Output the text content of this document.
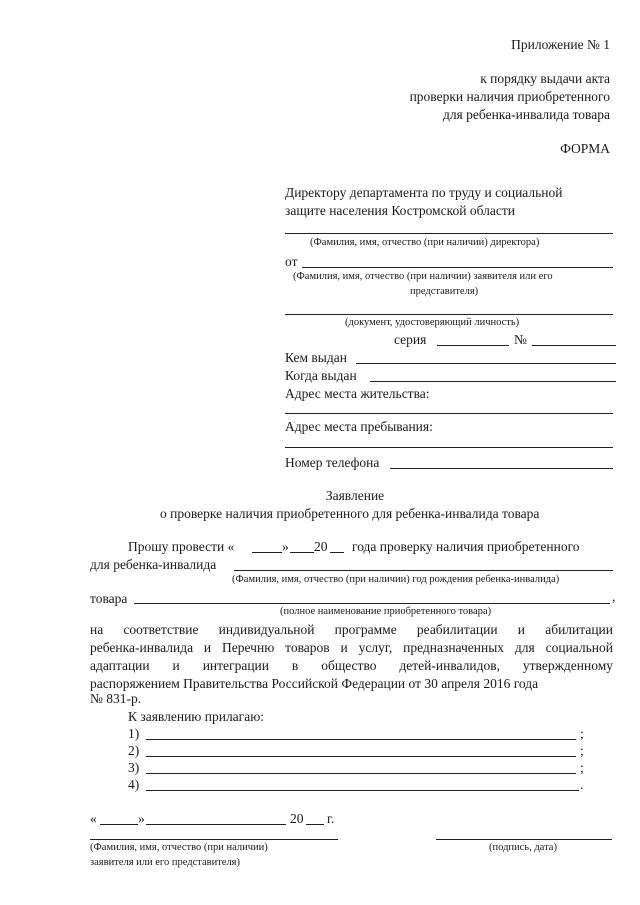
Приложение № 1
к порядку выдачи акта
проверки наличия приобретенного
для ребенка-инвалида товара
ФОРМА
Директору департамента по труду и социальной
защите населения Костромской области
(Фамилия, имя, отчество (при наличии) директора)
от
(Фамилия, имя, отчество (при наличии) заявителя или его
представителя)
(документ, удостоверяющий личность)
серия	№
Кем выдан
Когда выдан
Адрес места жительства:
Адрес места пребывания:
Номер телефона
Заявление
о проверке наличия приобретенного для ребенка-инвалида товара
Прошу провести «	» 20 года проверку наличия приобретенного
для ребенка-инвалида
(Фамилия, имя, отчество (при наличии) год рождения ребенка-инвалида)
товара	,
(полное наименование приобретенного товара)
на соответствие индивидуальной программе реабилитации и абилитации
ребенка-инвалида и Перечню товаров и услуг, предназначенных для социальной
адаптации и интеграции в общество детей-инвалидов, утвержденному
распоряжением Правительства Российской Федерации от 30 апреля 2016 года
№ 831-р.
К заявлению прилагаю:
1)	;
2)	;
3)	;
4)	.
«	»	20 г.
(Фамилия, имя, отчество (при наличии)
заявителя или его представителя)
(подпись, дата)
